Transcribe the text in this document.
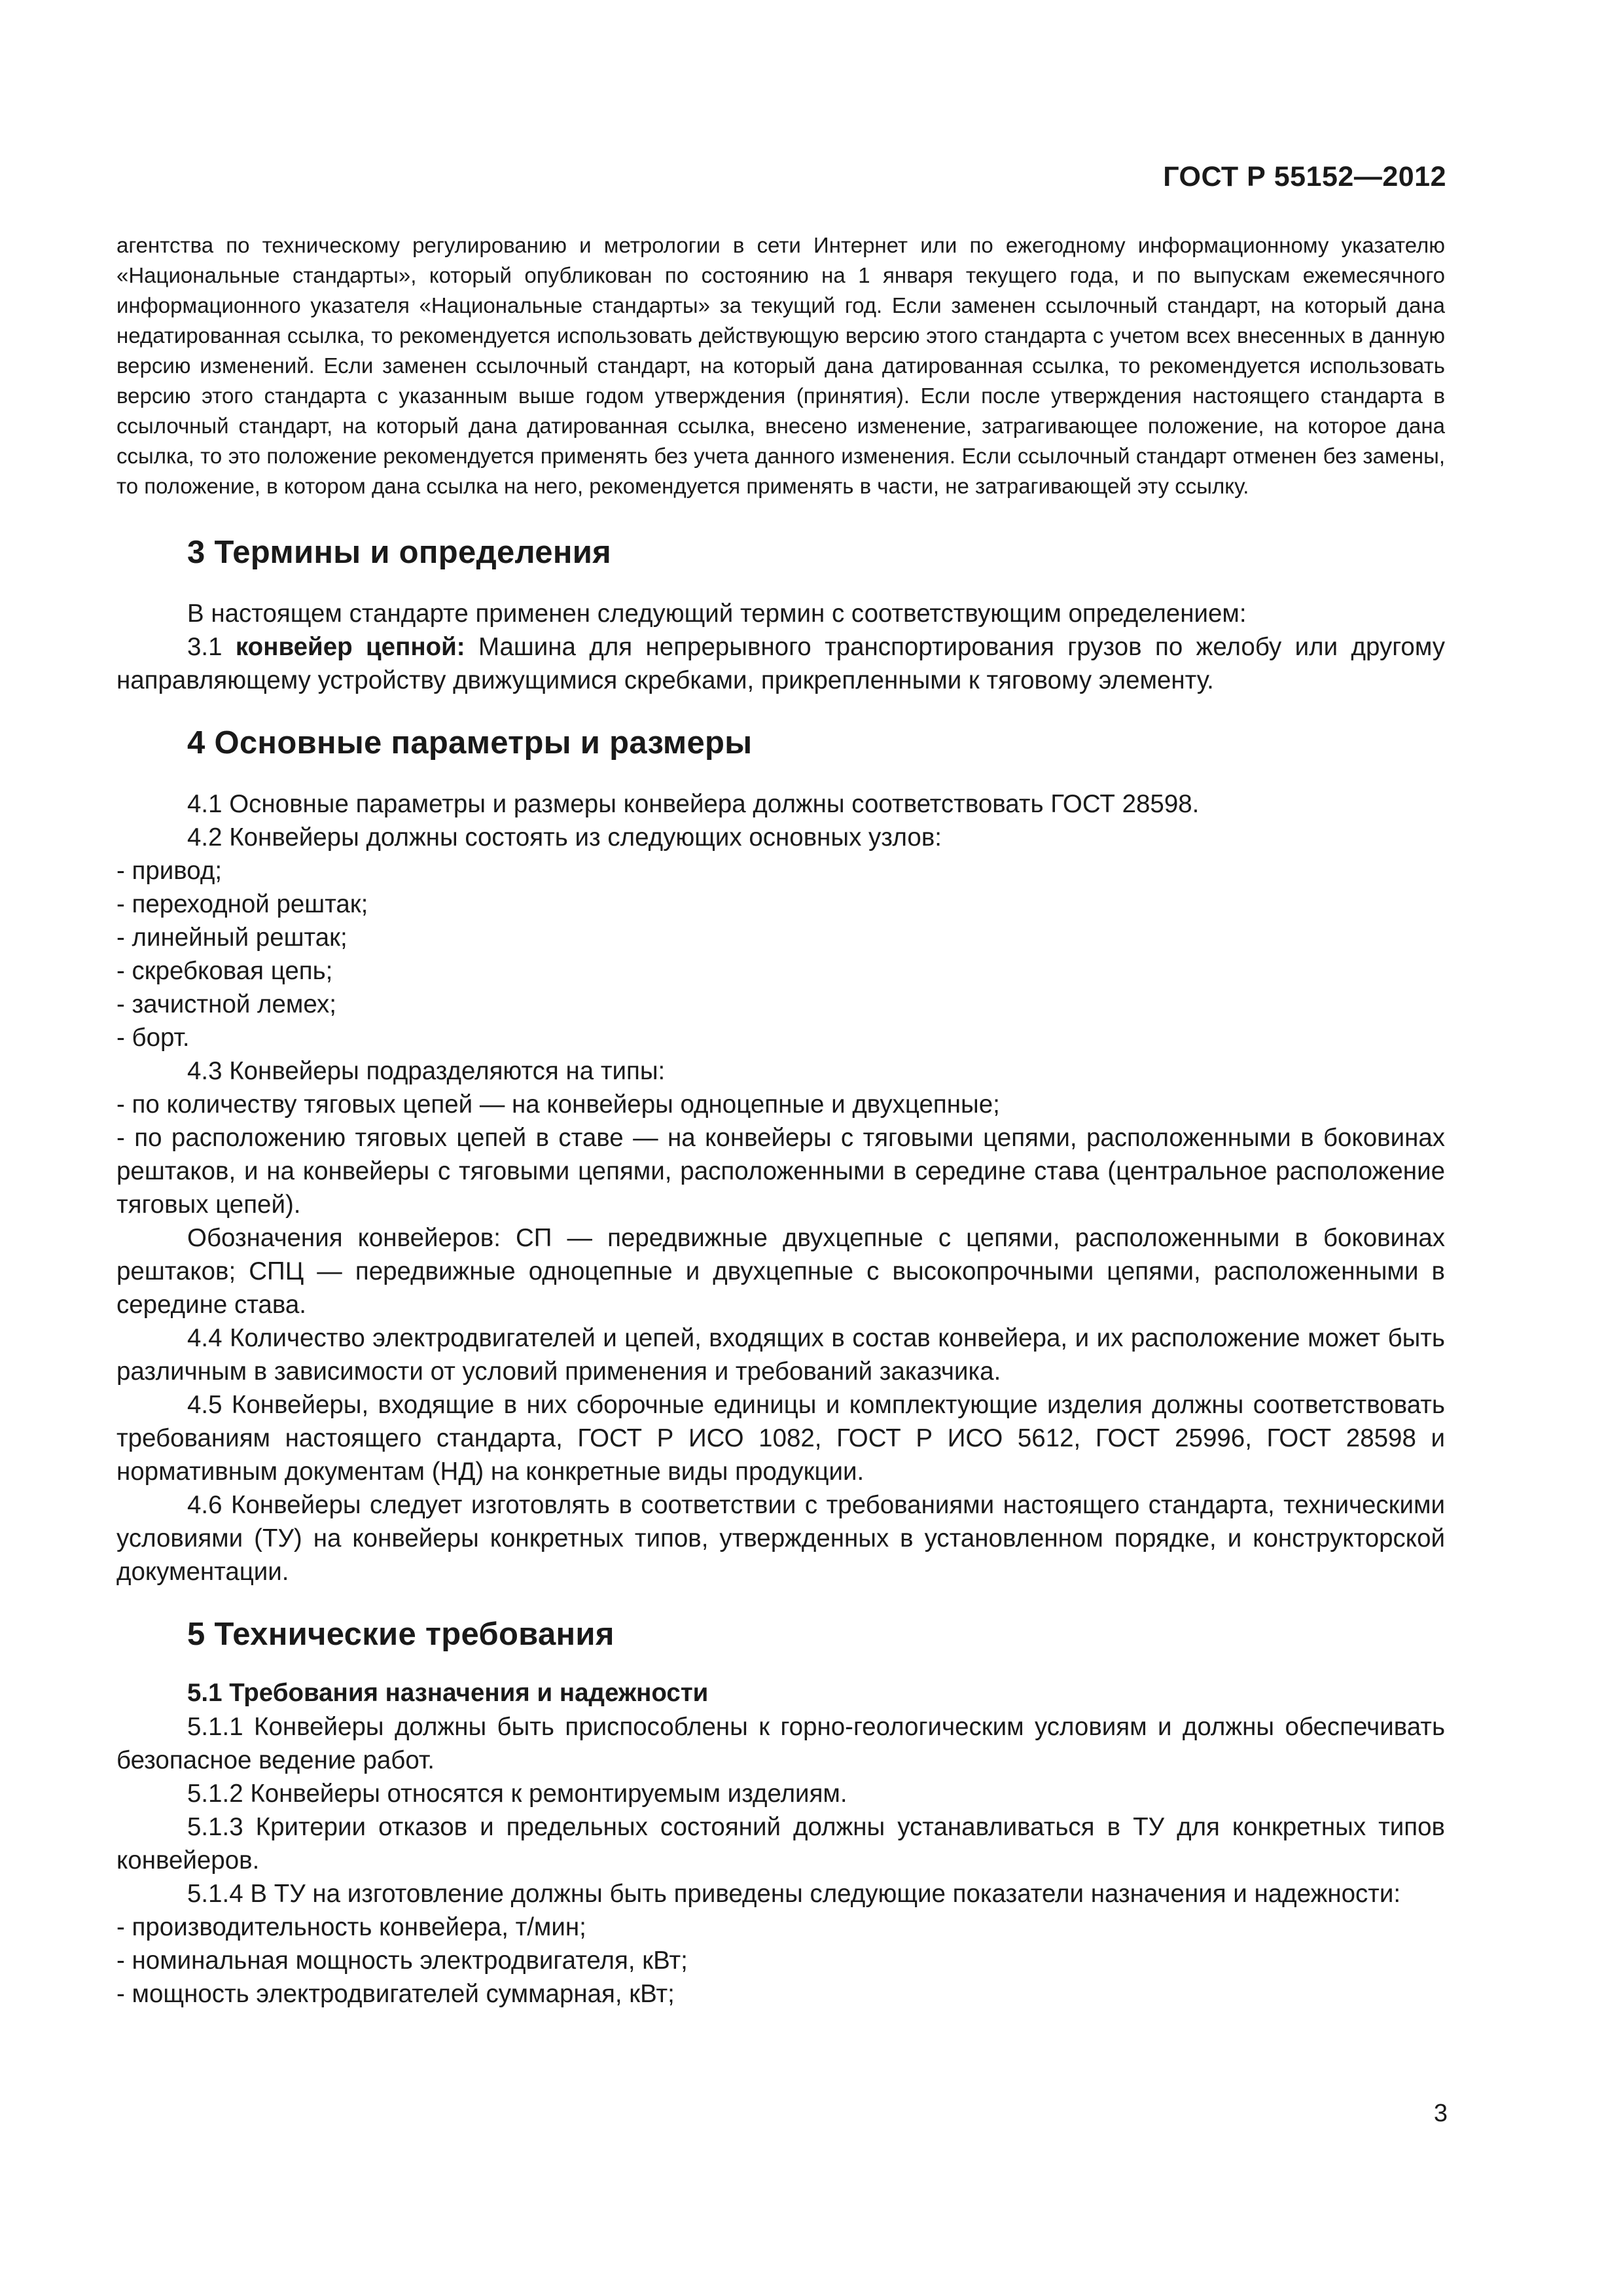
ГОСТ Р 55152—2012

агентства по техническому регулированию и метрологии в сети Интернет или по ежегодному информационному указателю «Национальные стандарты», который опубликован по состоянию на 1 января текущего года, и по выпускам ежемесячного информационного указателя «Национальные стандарты» за текущий год. Если заменен ссылочный стандарт, на который дана недатированная ссылка, то рекомендуется использовать действующую версию этого стандарта с учетом всех внесенных в данную версию изменений. Если заменен ссылочный стандарт, на который дана датированная ссылка, то рекомендуется использовать версию этого стандарта с указанным выше годом утверждения (принятия). Если после утверждения настоящего стандарта в ссылочный стандарт, на который дана датированная ссылка, внесено изменение, затрагивающее положение, на которое дана ссылка, то это положение рекомендуется применять без учета данного изменения. Если ссылочный стандарт отменен без замены, то положение, в котором дана ссылка на него, рекомендуется применять в части, не затрагивающей эту ссылку.

3 Термины и определения

В настоящем стандарте применен следующий термин с соответствующим определением:

3.1 конвейер цепной: Машина для непрерывного транспортирования грузов по желобу или другому направляющему устройству движущимися скребками, прикрепленными к тяговому элементу.

4 Основные параметры и размеры

4.1 Основные параметры и размеры конвейера должны соответствовать ГОСТ 28598.

4.2 Конвейеры должны состоять из следующих основных узлов:

- привод;

- переходной рештак;

- линейный рештак;

- скребковая цепь;

- зачистной лемех;

- борт.

4.3 Конвейеры подразделяются на типы:

- по количеству тяговых цепей — на конвейеры одноцепные и двухцепные;

- по расположению тяговых цепей в ставе — на конвейеры с тяговыми цепями, расположенными в боковинах рештаков, и на конвейеры с тяговыми цепями, расположенными в середине става (центральное расположение тяговых цепей).

Обозначения конвейеров: СП — передвижные двухцепные с цепями, расположенными в боковинах рештаков; СПЦ — передвижные одноцепные и двухцепные с высокопрочными цепями, расположенными в середине става.

4.4 Количество электродвигателей и цепей, входящих в состав конвейера, и их расположение может быть различным в зависимости от условий применения и требований заказчика.

4.5 Конвейеры, входящие в них сборочные единицы и комплектующие изделия должны соответствовать требованиям настоящего стандарта, ГОСТ Р ИСО 1082, ГОСТ Р ИСО 5612, ГОСТ 25996, ГОСТ 28598 и нормативным документам (НД) на конкретные виды продукции.

4.6 Конвейеры следует изготовлять в соответствии с требованиями настоящего стандарта, техническими условиями (ТУ) на конвейеры конкретных типов, утвержденных в установленном порядке, и конструкторской документации.

5 Технические требования
5.1 Требования назначения и надежности

5.1.1 Конвейеры должны быть приспособлены к горно-геологическим условиям и должны обеспечивать безопасное ведение работ.

5.1.2 Конвейеры относятся к ремонтируемым изделиям.

5.1.3 Критерии отказов и предельных состояний должны устанавливаться в ТУ для конкретных типов конвейеров.

5.1.4 В ТУ на изготовление должны быть приведены следующие показатели назначения и надежности:

- производительность конвейера, т/мин;

- номинальная мощность электродвигателя, кВт;

- мощность электродвигателей суммарная, кВт;

3
